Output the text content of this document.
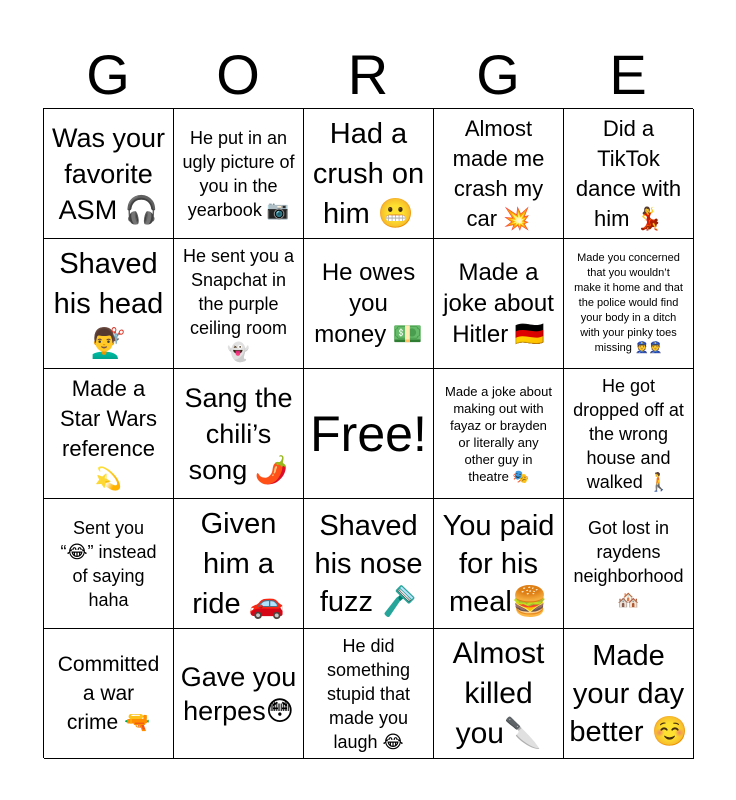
G	O	R	G	E
Was your
favorite
ASM 🎧
He put in an
ugly picture of
you in the
yearbook 📷
Had a
crush on
him 😬
Almost
made me
crash my
car 💥
Did a
TikTok
dance with
him 💃
Shaved
his head
💇‍♂️
He sent you a
Snapchat in
the purple
ceiling room
👻
He owes
you
money 💵
Made a
joke about
Hitler 🇩🇪
Made you concerned
that you wouldn’t
make it home and that
the police would find
your body in a ditch
with your pinky toes
missing 👮👮
Made a
Star Wars
reference
💫
Sang the
chili’s
song 🌶️
Free!
Made a joke about
making out with
fayaz or brayden
or literally any
other guy in
theatre 🎭
He got
dropped off at
the wrong
house and
walked 🚶
Sent you
“😂” instead
of saying
haha
Given
him a
ride 🚗
Shaved
his nose
fuzz 🪒
You paid
for his
meal🍔
Got lost in
raydens
neighborhood
🏘️
Committed
a war
crime 🔫
Gave you
herpes😳
He did
something
stupid that
made you
laugh 😂
Almost
killed
you🔪
Made
your day
better ☺️
